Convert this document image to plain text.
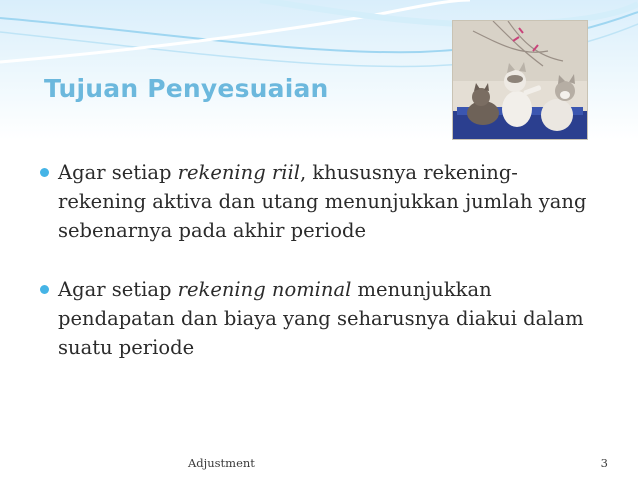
Tujuan Penyesuaian
Agar setiap rekening riil, khususnya rekening-rekening aktiva dan utang menunjukkan jumlah yang sebenarnya pada akhir periode
Agar setiap rekening nominal menunjukkan pendapatan dan biaya yang seharusnya diakui dalam suatu periode
Adjustment	3
